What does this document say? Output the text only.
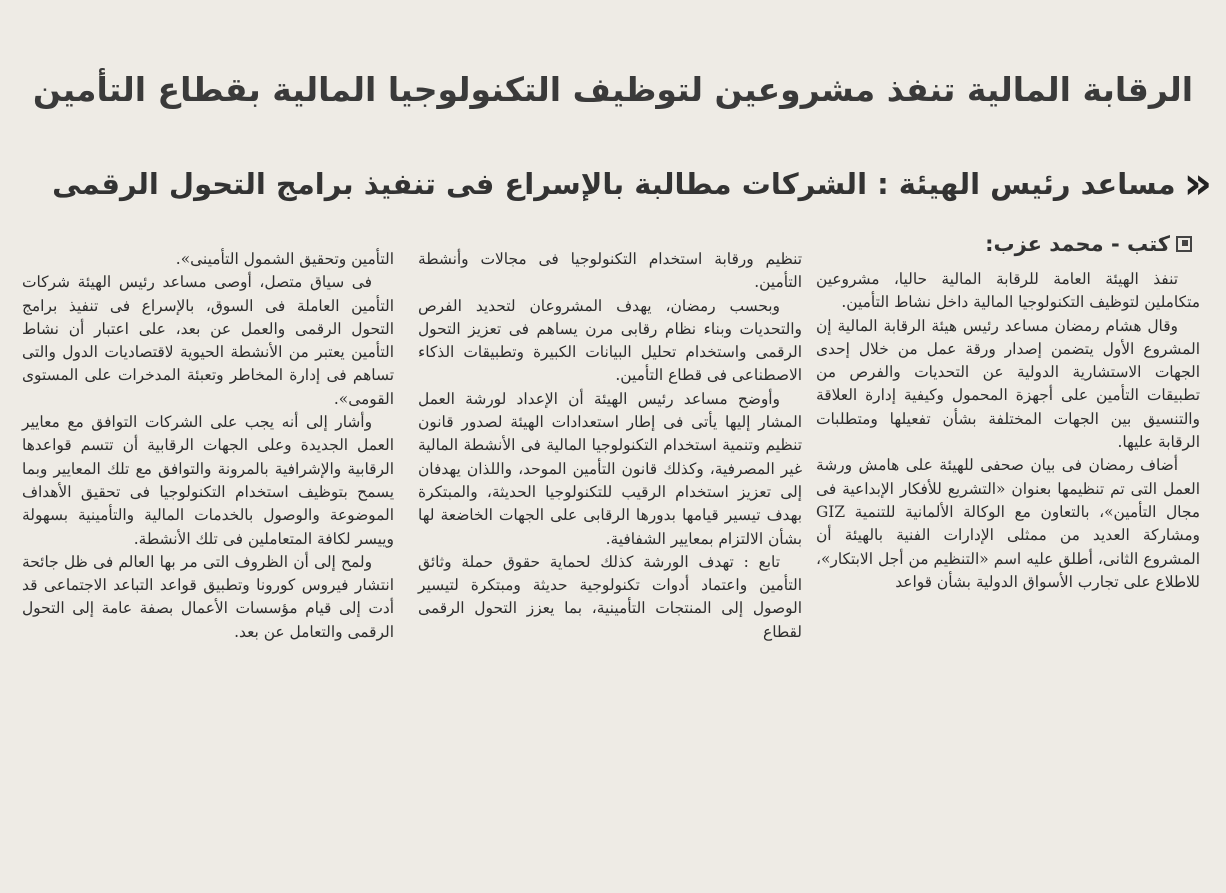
الرقابة المالية تنفذ مشروعين لتوظيف التكنولوجيا المالية بقطاع التأمين
«
مساعد رئيس الهيئة : الشركات مطالبة بالإسراع فى تنفيذ برامج التحول الرقمى
كتب - محمد عزب:

تنفذ الهيئة العامة للرقابة المالية حاليا، مشروعين متكاملين لتوظيف التكنولوجيا المالية داخل نشاط التأمين.

وقال هشام رمضان مساعد رئيس هيئة الرقابة المالية إن المشروع الأول يتضمن إصدار ورقة عمل من خلال إحدى الجهات الاستشارية الدولية عن التحديات والفرص من تطبيقات التأمين على أجهزة المحمول وكيفية إدارة العلاقة والتنسيق بين الجهات المختلفة بشأن تفعيلها ومتطلبات الرقابة عليها.

أضاف رمضان فى بيان صحفى للهيئة على هامش ورشة العمل التى تم تنظيمها بعنوان «التشريع للأفكار الإبداعية فى مجال التأمين»، بالتعاون مع الوكالة الألمانية للتنمية GIZ ومشاركة العديد من ممثلى الإدارات الفنية بالهيئة أن المشروع الثانى، أطلق عليه اسم «التنظيم من أجل الابتكار»، للاطلاع على تجارب الأسواق الدولية بشأن قواعد

تنظيم ورقابة استخدام التكنولوجيا فى مجالات وأنشطة التأمين.

وبحسب رمضان، يهدف المشروعان لتحديد الفرص والتحديات وبناء نظام رقابى مرن يساهم فى تعزيز التحول الرقمى واستخدام تحليل البيانات الكبيرة وتطبيقات الذكاء الاصطناعى فى قطاع التأمين.

وأوضح مساعد رئيس الهيئة أن الإعداد لورشة العمل المشار إليها يأتى فى إطار استعدادات الهيئة لصدور قانون تنظيم وتنمية استخدام التكنولوجيا المالية فى الأنشطة المالية غير المصرفية، وكذلك قانون التأمين الموحد، واللذان يهدفان إلى تعزيز استخدام الرقيب للتكنولوجيا الحديثة، والمبتكرة بهدف تيسير قيامها بدورها الرقابى على الجهات الخاضعة لها بشأن الالتزام بمعايير الشفافية.

تابع : تهدف الورشة كذلك لحماية حقوق حملة وثائق التأمين واعتماد أدوات تكنولوجية حديثة ومبتكرة لتيسير الوصول إلى المنتجات التأمينية، بما يعزز التحول الرقمى لقطاع

التأمين وتحقيق الشمول التأمينى».

فى سياق متصل، أوصى مساعد رئيس الهيئة شركات التأمين العاملة فى السوق، بالإسراع فى تنفيذ برامج التحول الرقمى والعمل عن بعد، على اعتبار أن نشاط التأمين يعتبر من الأنشطة الحيوية لاقتصاديات الدول والتى تساهم فى إدارة المخاطر وتعبئة المدخرات على المستوى القومى».

وأشار إلى أنه يجب على الشركات التوافق مع معايير العمل الجديدة وعلى الجهات الرقابية أن تتسم قواعدها الرقابية والإشرافية بالمرونة والتوافق مع تلك المعايير وبما يسمح بتوظيف استخدام التكنولوجيا فى تحقيق الأهداف الموضوعة والوصول بالخدمات المالية والتأمينية بسهولة وييسر لكافة المتعاملين فى تلك الأنشطة.

ولمح إلى أن الظروف التى مر بها العالم فى ظل جائحة انتشار فيروس كورونا وتطبيق قواعد التباعد الاجتماعى قد أدت إلى قيام مؤسسات الأعمال بصفة عامة إلى التحول الرقمى والتعامل عن بعد.
